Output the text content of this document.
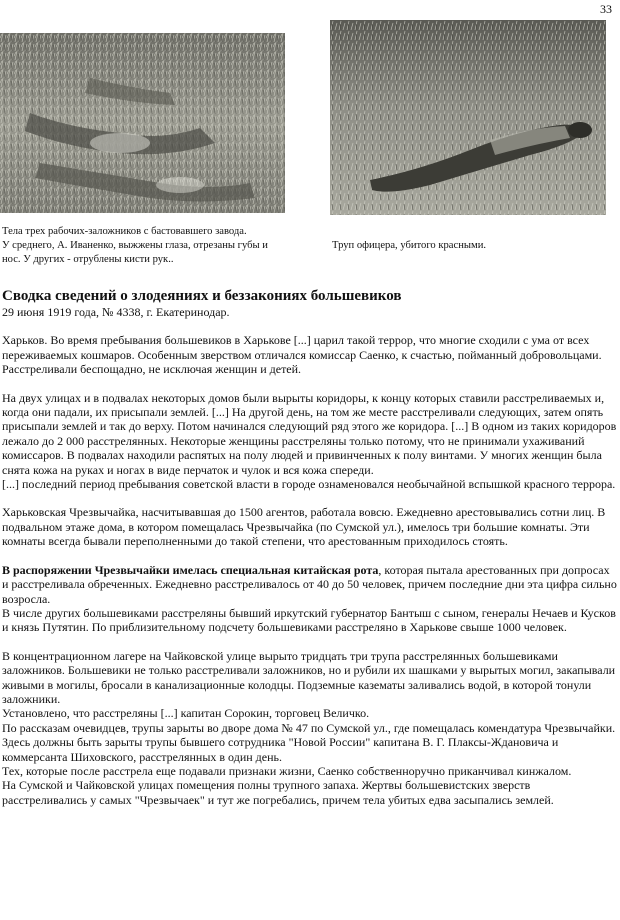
33
Тела трех рабочих-заложников с бастовавшего завода.
У среднего, А. Иваненко, выжжены глаза, отрезаны губы и
нос. У других - отрублены кисти рук..
Труп офицера, убитого красными.
Сводка сведений о злодеяниях и беззакониях большевиков
29 июня 1919 года, № 4338, г. Екатеринодар.

Харьков. Во время пребывания большевиков в Харькове [...] царил такой террор, что многие сходили с ума от всех переживаемых кошмаров. Особенным зверством отличался комиссар Саенко, к счастью, пойманный добровольцами. Расстреливали беспощадно, не исключая женщин и детей.

На двух улицах и в подвалах некоторых домов были вырыты коридоры, к концу которых ставили расстреливаемых и, когда они падали, их присыпали землей. [...] На другой день, на том же месте расстреливали следующих, затем опять присыпали землей и так до верху. Потом начинался следующий ряд этого же коридора. [...] В одном из таких коридоров лежало до 2 000 расстрелянных. Некоторые женщины расстреляны только потому, что не принимали ухаживаний комиссаров. В подвалах находили распятых на полу людей и привинченных к полу винтами. У многих женщин была снята кожа на руках и ногах в виде перчаток и чулок и вся кожа спереди.

[...] последний период пребывания советской власти в городе ознаменовался необычайной вспышкой красного террора.

Харьковская Чрезвычайка, насчитывавшая до 1500 агентов, работала вовсю. Ежедневно арестовывались сотни лиц. В подвальном этаже дома, в котором помещалась Чрезвычайка (по Сумской ул.), имелось три большие комнаты. Эти комнаты всегда бывали переполненными до такой степени, что арестованным приходилось стоять.

В распоряжении Чрезвычайки имелась специальная китайская рота, которая пытала арестованных при допросах и расстреливала обреченных. Ежедневно расстреливалось от 40 до 50 человек, причем последние дни эта цифра сильно возросла.

В числе других большевиками расстреляны бывший иркутский губернатор Бантыш с сыном, генералы Нечаев и Кусков и князь Путятин. По приблизительному подсчету большевиками расстреляно в Харькове свыше 1000 человек.

В концентрационном лагере на Чайковской улице вырыто тридцать три трупа расстрелянных большевиками заложников. Большевики не только расстреливали заложников, но и рубили их шашками у вырытых могил, закапывали живыми в могилы, бросали в канализационные колодцы. Подземные казематы заливались водой, в которой тонули заложники.

Установлено, что расстреляны [...] капитан Сорокин, торговец Величко.

По рассказам очевидцев, трупы зарыты во дворе дома № 47 по Сумской ул., где помещалась комендатура Чрезвычайки. Здесь должны быть зарыты трупы бывшего сотрудника "Новой России" капитана В. Г. Плаксы-Ждановича и коммерсанта Шиховского, расстрелянных в один день.

Тех, которые после расстрела еще подавали признаки жизни, Саенко собственноручно приканчивал кинжалом.

На Сумской и Чайковской улицах помещения полны трупного запаха. Жертвы большевистских зверств расстреливались у самых "Чрезвычаек" и тут же погребались, причем тела убитых едва засыпались землей.
